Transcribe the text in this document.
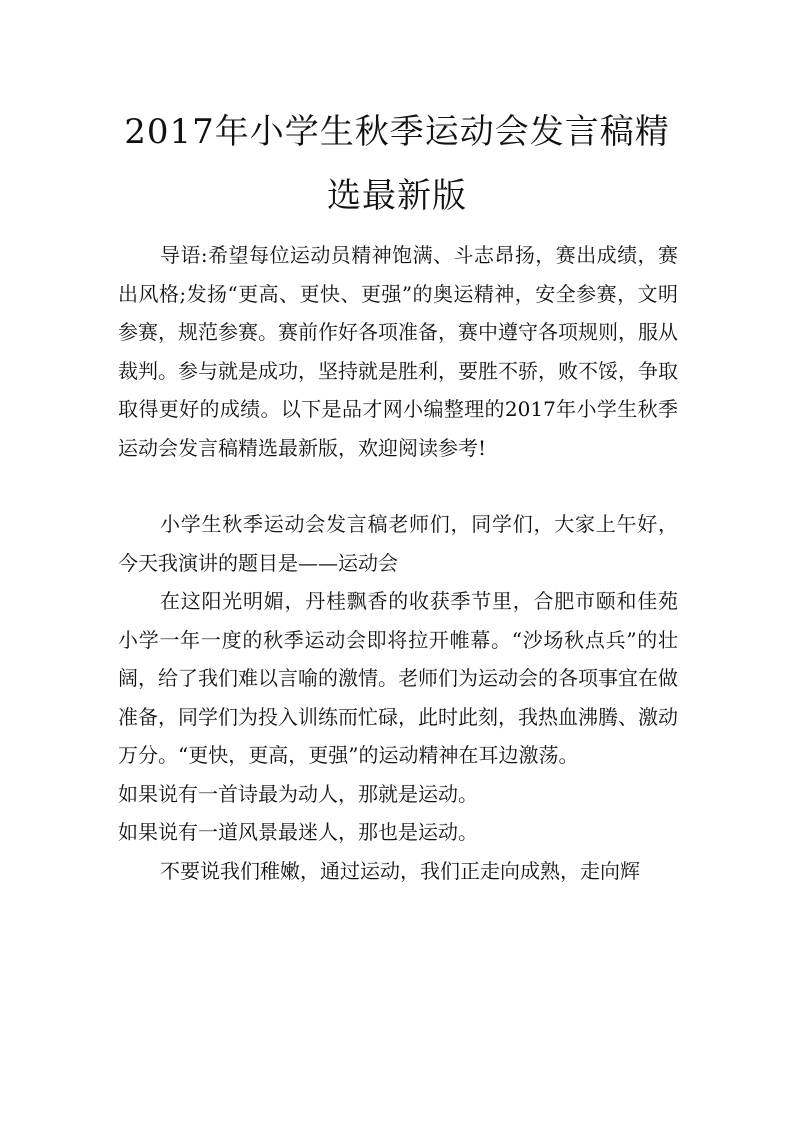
2017年小学生秋季运动会发言稿精选最新版

导语:希望每位运动员精神饱满、斗志昂扬，赛出成绩，赛出风格;发扬“更高、更快、更强”的奥运精神，安全参赛，文明参赛，规范参赛。赛前作好各项准备，赛中遵守各项规则，服从裁判。参与就是成功，坚持就是胜利，要胜不骄，败不馁，争取取得更好的成绩。以下是品才网小编整理的2017年小学生秋季运动会发言稿精选最新版，欢迎阅读参考!

小学生秋季运动会发言稿老师们，同学们，大家上午好，今天我演讲的题目是——运动会

在这阳光明媚，丹桂飘香的收获季节里，合肥市颐和佳苑小学一年一度的秋季运动会即将拉开帷幕。“沙场秋点兵”的壮阔，给了我们难以言喻的激情。老师们为运动会的各项事宜在做准备，同学们为投入训练而忙碌，此时此刻，我热血沸腾、激动万分。“更快，更高，更强”的运动精神在耳边激荡。

如果说有一首诗最为动人，那就是运动。

如果说有一道风景最迷人，那也是运动。

不要说我们稚嫩，通过运动，我们正走向成熟，走向辉
